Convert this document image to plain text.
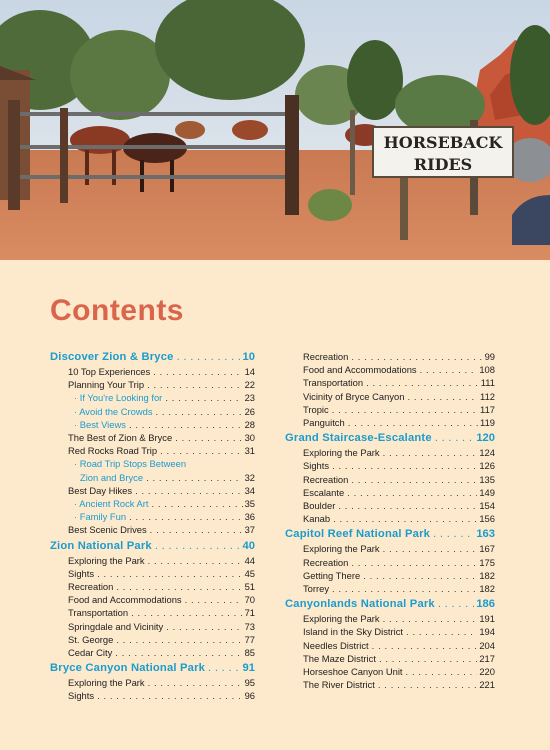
HORSEBACK
RIDES
Contents
Discover Zion & Bryce . . .	10
10 Top Experiences . . .	14
Planning Your Trip . . .	22
· If You're Looking for . . .	23
· Avoid the Crowds . . .	26
· Best Views . . .	28
The Best of Zion & Bryce . . .	30
Red Rocks Road Trip . . .	31
· Road Trip Stops Between
Zion and Bryce . . .	32
Best Day Hikes . . .	34
· Ancient Rock Art . . .	35
· Family Fun . . .	36
Best Scenic Drives . . .	37
Zion National Park . . .	40
Exploring the Park . . .	44
Sights . . .	45
Recreation . . .	51
Food and Accommodations . . .	70
Transportation . . .	71
Springdale and Vicinity . . .	73
St. George . . .	77
Cedar City . . .	85
Bryce Canyon National Park . . .	91
Exploring the Park . . .	95
Sights . . .	96
Recreation . . .	99
Food and Accommodations . . .	108
Transportation . . .	111
Vicinity of Bryce Canyon . . .	112
Tropic . . .	117
Panguitch . . .	119
Grand Staircase-Escalante . . .	120
Exploring the Park . . .	124
Sights . . .	126
Recreation . . .	135
Escalante . . .	149
Boulder . . .	154
Kanab . . .	156
Capitol Reef National Park . . .	163
Exploring the Park . . .	167
Recreation . . .	175
Getting There . . .	182
Torrey . . .	182
Canyonlands National Park . . .	186
Exploring the Park . . .	191
Island in the Sky District . . .	194
Needles District . . .	204
The Maze District . . .	217
Horseshoe Canyon Unit . . .	220
The River District . . .	221
